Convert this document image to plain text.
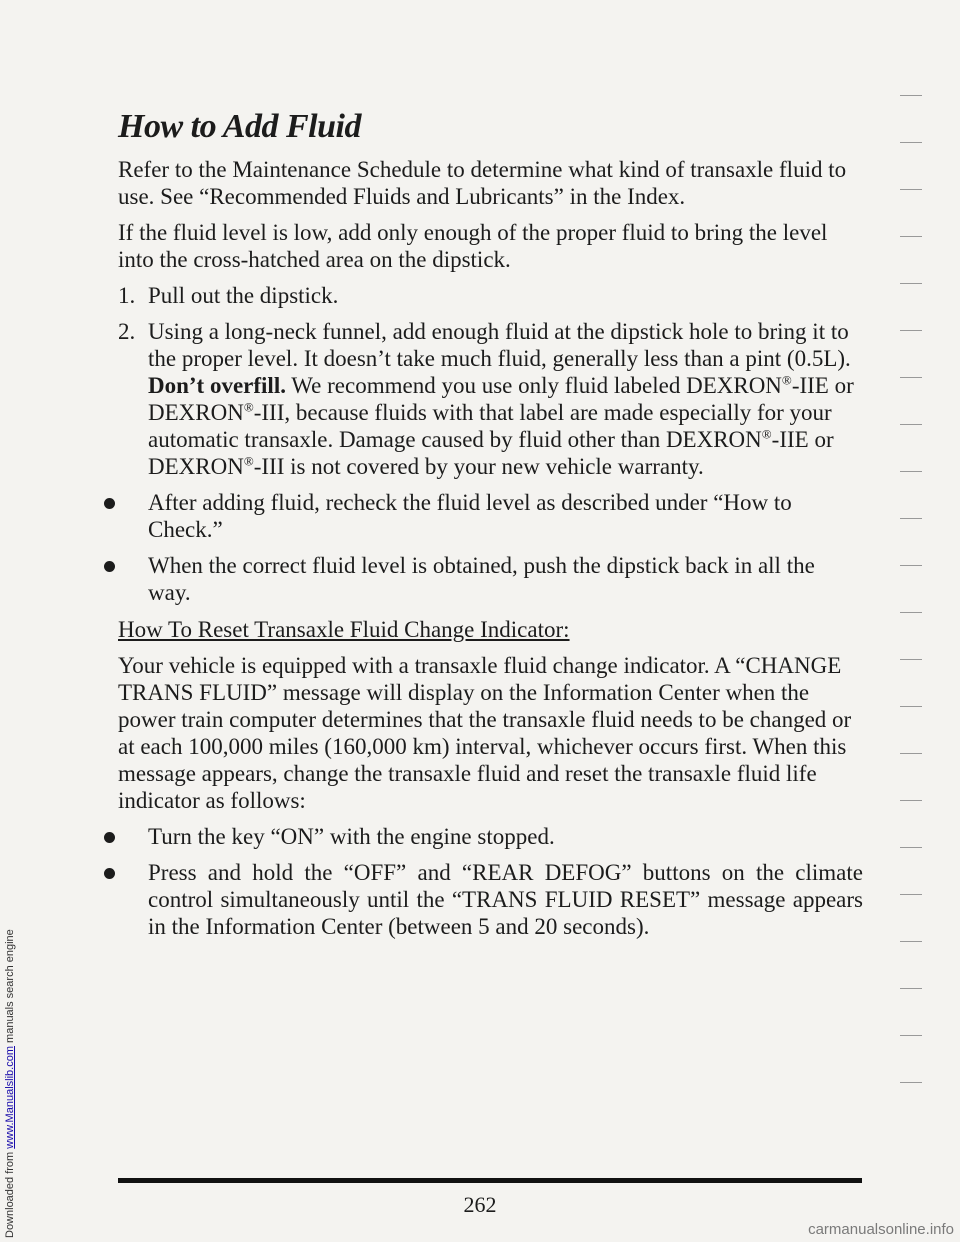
Downloaded from www.Manualslib.com manuals search engine
How to Add Fluid

Refer to the Maintenance Schedule to determine what kind of transaxle fluid to use. See “Recommended Fluids and Lubricants” in the Index.

If the fluid level is low, add only enough of the proper fluid to bring the level into the cross-hatched area on the dipstick.

1. Pull out the dipstick.
2. Using a long-neck funnel, add enough fluid at the dipstick hole to bring it to the proper level. It doesn’t take much fluid, generally less than a pint (0.5L). Don’t overfill. We recommend you use only fluid labeled DEXRON®-IIE or DEXRON®-III, because fluids with that label are made especially for your automatic transaxle. Damage caused by fluid other than DEXRON®-IIE or DEXRON®-III is not covered by your new vehicle warranty.
After adding fluid, recheck the fluid level as described under “How to Check.”
When the correct fluid level is obtained, push the dipstick back in all the way.
How To Reset Transaxle Fluid Change Indicator:

Your vehicle is equipped with a transaxle fluid change indicator. A “CHANGE TRANS FLUID” message will display on the Information Center when the power train computer determines that the transaxle fluid needs to be changed or at each 100,000 miles (160,000 km) interval, whichever occurs first. When this message appears, change the transaxle fluid and reset the transaxle fluid life indicator as follows:

Turn the key “ON” with the engine stopped.
Press and hold the “OFF” and “REAR DEFOG” buttons on the climate control simultaneously until the “TRANS FLUID RESET” message appears in the Information Center (between 5 and 20 seconds).
262
carmanualsonline.info
